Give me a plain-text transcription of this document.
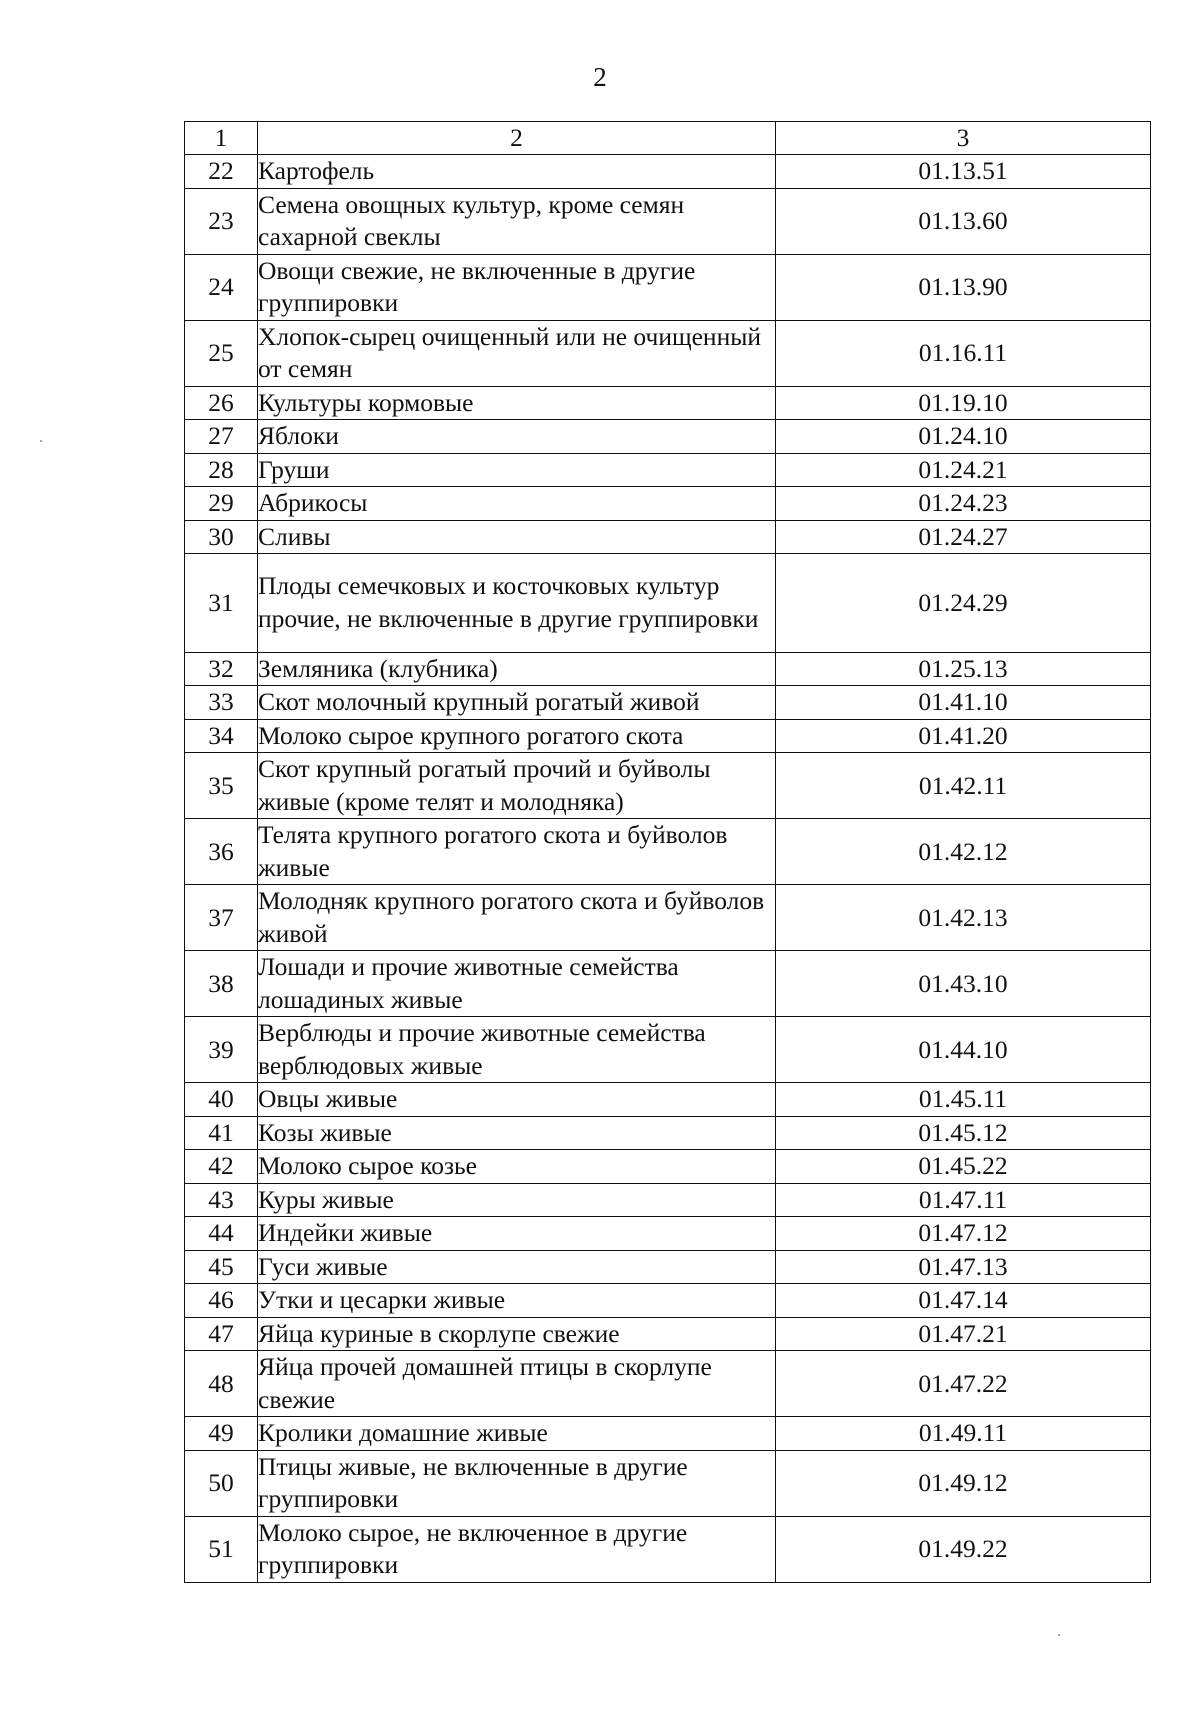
2
1	2	3
22	Картофель	01.13.51
23	Семена овощных культур, кроме семян сахарной свеклы	01.13.60
24	Овощи свежие, не включенные в другие группировки	01.13.90
25	Хлопок-сырец очищенный или не очищенный от семян	01.16.11
26	Культуры кормовые	01.19.10
27	Яблоки	01.24.10
28	Груши	01.24.21
29	Абрикосы	01.24.23
30	Сливы	01.24.27
31	Плоды семечковых и косточковых культур прочие, не включенные в другие группировки	01.24.29
32	Земляника (клубника)	01.25.13
33	Скот молочный крупный рогатый живой	01.41.10
34	Молоко сырое крупного рогатого скота	01.41.20
35	Скот крупный рогатый прочий и буйволы живые (кроме телят и молодняка)	01.42.11
36	Телята крупного рогатого скота и буйволов живые	01.42.12
37	Молодняк крупного рогатого скота и буйволов живой	01.42.13
38	Лошади и прочие животные семейства лошадиных живые	01.43.10
39	Верблюды и прочие животные семейства верблюдовых живые	01.44.10
40	Овцы живые	01.45.11
41	Козы живые	01.45.12
42	Молоко сырое козье	01.45.22
43	Куры живые	01.47.11
44	Индейки живые	01.47.12
45	Гуси живые	01.47.13
46	Утки и цесарки живые	01.47.14
47	Яйца куриные в скорлупе свежие	01.47.21
48	Яйца прочей домашней птицы в скорлупе свежие	01.47.22
49	Кролики домашние живые	01.49.11
50	Птицы живые, не включенные в другие группировки	01.49.12
51	Молоко сырое, не включенное в другие группировки	01.49.22
